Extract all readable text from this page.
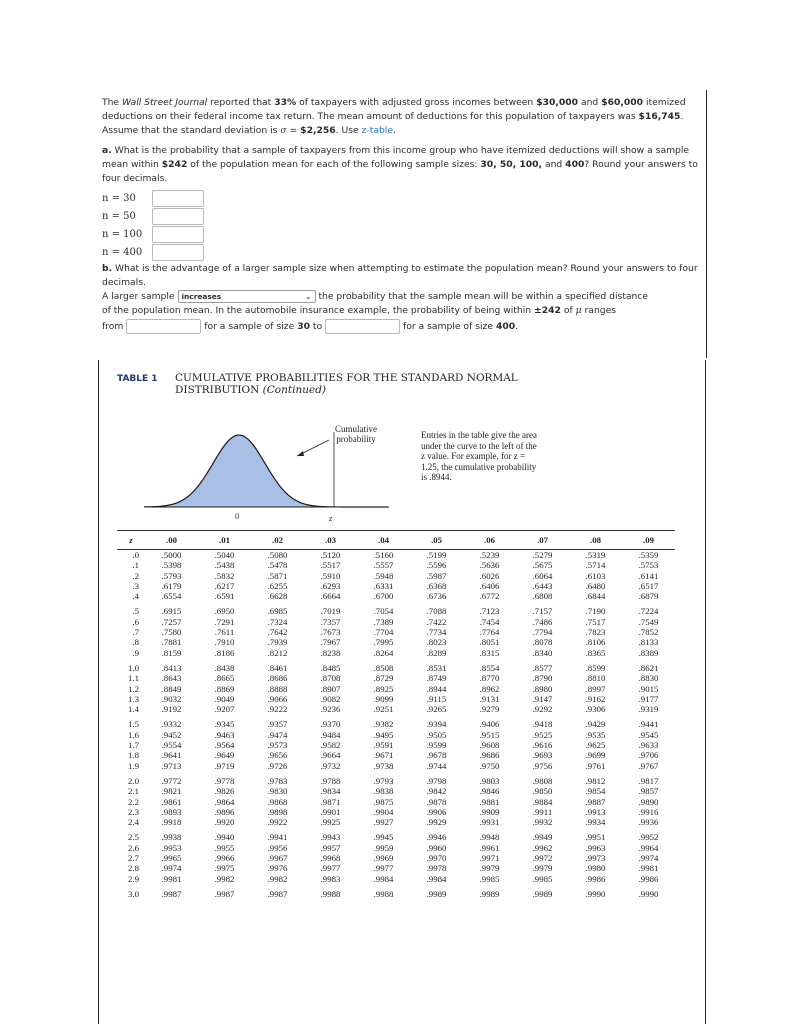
The Wall Street Journal reported that 33% of taxpayers with adjusted gross incomes between $30,000 and $60,000 itemized deductions on their federal income tax return. The mean amount of deductions for this population of taxpayers was $16,745. Assume that the standard deviation is σ = $2,256. Use z-table.

a. What is the probability that a sample of taxpayers from this income group who have itemized deductions will show a sample mean within $242 of the population mean for each of the following sample sizes: 30, 50, 100, and 400? Round your answers to four decimals.

n = 30
n = 50
n = 100
n = 400

b. What is the advantage of a larger sample size when attempting to estimate the population mean? Round your answers to four decimals.

A larger sample increases	⌄ the probability that the sample mean will be within a specified distance
of the population mean. In the automobile insurance example, the probability of being within ±242 of μ ranges
from	for a sample of size 30 to	for a sample of size 400.
TABLE 1 CUMULATIVE PROBABILITIES FOR THE STANDARD NORMAL
DISTRIBUTION (Continued)
Cumulative
probability	Entries in the table give the area under the curve to the left of the z value. For example, for z = 1.25, the cumulative probability is .8944.
0	z
z	.00	.01	.02	.03	.04	.05	.06	.07	.08	.09
.0	.5000	.5040	.5080	.5120	.5160	.5199	.5239	.5279	.5319	.5359
.1	.5398	.5438	.5478	.5517	.5557	.5596	.5636	.5675	.5714	.5753
.2	.5793	.5832	.5871	.5910	.5948	.5987	.6026	.6064	.6103	.6141
.3	.6179	.6217	.6255	.6293	.6331	.6368	.6406	.6443	.6480	.6517
.4	.6554	.6591	.6628	.6664	.6700	.6736	.6772	.6808	.6844	.6879
.5	.6915	.6950	.6985	.7019	.7054	.7088	.7123	.7157	.7190	.7224
.6	.7257	.7291	.7324	.7357	.7389	.7422	.7454	.7486	.7517	.7549
.7	.7580	.7611	.7642	.7673	.7704	.7734	.7764	.7794	.7823	.7852
.8	.7881	.7910	.7939	.7967	.7995	.8023	.8051	.8078	.8106	.8133
.9	.8159	.8186	.8212	.8238	.8264	.8289	.8315	.8340	.8365	.8389
1.0	.8413	.8438	.8461	.8485	.8508	.8531	.8554	.8577	.8599	.8621
1.1	.8643	.8665	.8686	.8708	.8729	.8749	.8770	.8790	.8810	.8830
1.2	.8849	.8869	.8888	.8907	.8925	.8944	.8962	.8980	.8997	.9015
1.3	.9032	.9049	.9066	.9082	.9099	.9115	.9131	.9147	.9162	.9177
1.4	.9192	.9207	.9222	.9236	.9251	.9265	.9279	.9292	.9306	.9319
1.5	.9332	.9345	.9357	.9370	.9382	.9394	.9406	.9418	.9429	.9441
1.6	.9452	.9463	.9474	.9484	.9495	.9505	.9515	.9525	.9535	.9545
1.7	.9554	.9564	.9573	.9582	.9591	.9599	.9608	.9616	.9625	.9633
1.8	.9641	.9649	.9656	.9664	.9671	.9678	.9686	.9693	.9699	.9706
1.9	.9713	.9719	.9726	.9732	.9738	.9744	.9750	.9756	.9761	.9767
2.0	.9772	.9778	.9783	.9788	.9793	.9798	.9803	.9808	.9812	.9817
2.1	.9821	.9826	.9830	.9834	.9838	.9842	.9846	.9850	.9854	.9857
2.2	.9861	.9864	.9868	.9871	.9875	.9878	.9881	.9884	.9887	.9890
2.3	.9893	.9896	.9898	.9901	.9904	.9906	.9909	.9911	.9913	.9916
2.4	.9918	.9920	.9922	.9925	.9927	.9929	.9931	.9932	.9934	.9936
2.5	.9938	.9940	.9941	.9943	.9945	.9946	.9948	.9949	.9951	.9952
2.6	.9953	.9955	.9956	.9957	.9959	.9960	.9961	.9962	.9963	.9964
2.7	.9965	.9966	.9967	.9968	.9969	.9970	.9971	.9972	.9973	.9974
2.8	.9974	.9975	.9976	.9977	.9977	.9978	.9979	.9979	.9980	.9981
2.9	.9981	.9982	.9982	.9983	.9984	.9984	.9985	.9985	.9986	.9986
3.0	.9987	.9987	.9987	.9988	.9988	.9989	.9989	.9989	.9990	.9990
